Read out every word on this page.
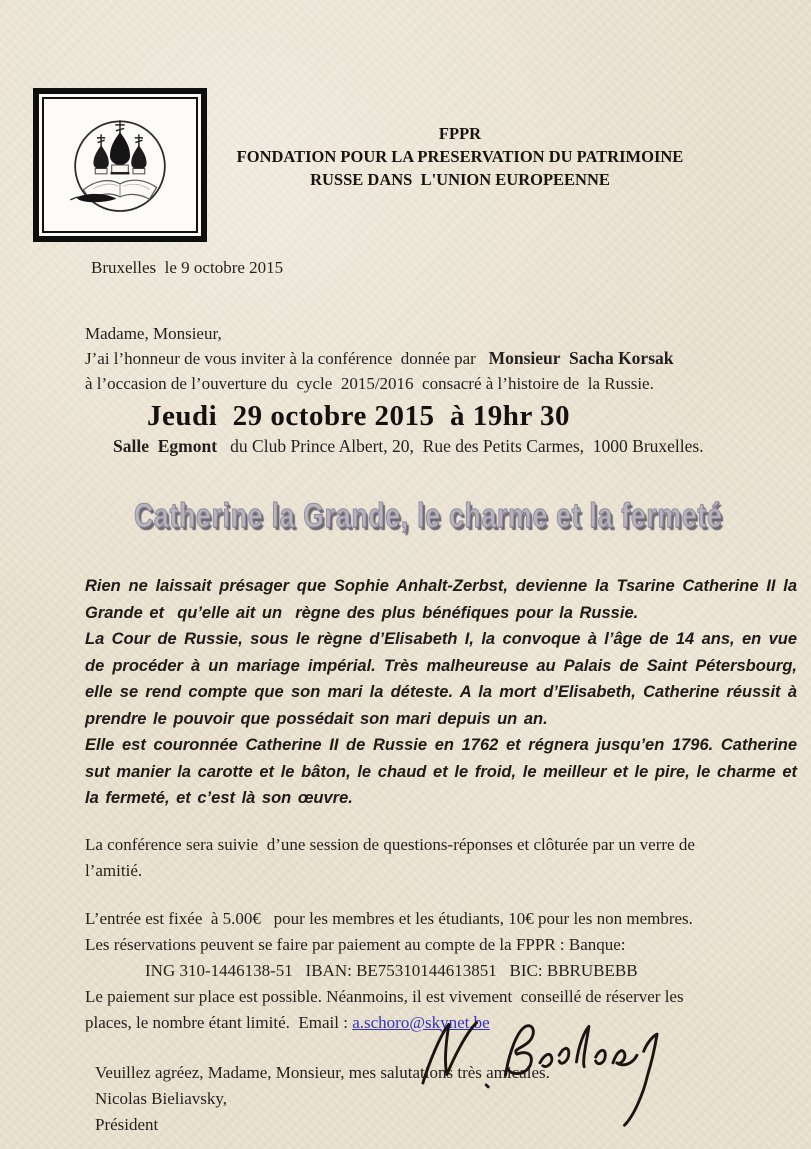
FPPR
FONDATION POUR LA PRESERVATION DU PATRIMOINE
RUSSE DANS  L'UNION EUROPEENNE
Bruxelles  le 9 octobre 2015
Madame, Monsieur,
J’ai l’honneur de vous inviter à la conférence  donnée par   Monsieur  Sacha Korsak
à l’occasion de l’ouverture du  cycle  2015/2016  consacré à l’histoire de  la Russie.
Jeudi  29 octobre 2015  à 19hr 30
Salle  Egmont   du Club Prince Albert, 20,  Rue des Petits Carmes,  1000 Bruxelles.
Catherine la Grande, le charme et la fermeté
Rien ne laissait présager que Sophie Anhalt-Zerbst, devienne la Tsarine Catherine II la Grande et  qu’elle ait un  règne des plus bénéfiques pour la Russie.
La Cour de Russie, sous le règne d’Elisabeth I, la convoque à l’âge de 14 ans, en vue de procéder à un mariage impérial. Très malheureuse au Palais de Saint Pétersbourg, elle se rend compte que son mari la déteste. A la mort d’Elisabeth, Catherine réussit à prendre le pouvoir que possédait son mari depuis un an.
Elle est couronnée Catherine II de Russie en 1762 et régnera jusqu’en 1796. Catherine sut manier la carotte et le bâton, le chaud et le froid, le meilleur et le pire, le charme et la fermeté, et c’est là son œuvre.
La conférence sera suivie  d’une session de questions-réponses et clôturée par un verre de
l’amitié.
L’entrée est fixée  à 5.00€   pour les membres et les étudiants, 10€ pour les non membres.
Les réservations peuvent se faire par paiement au compte de la FPPR : Banque:
ING 310-1446138-51   IBAN: BE75310144613851   BIC: BBRUBEBB
Le paiement sur place est possible. Néanmoins, il est vivement  conseillé de réserver les
places, le nombre étant limité.  Email : a.schoro@skynet.be
Veuillez agréez, Madame, Monsieur, mes salutations très amicales.
Nicolas Bieliavsky,
Président
